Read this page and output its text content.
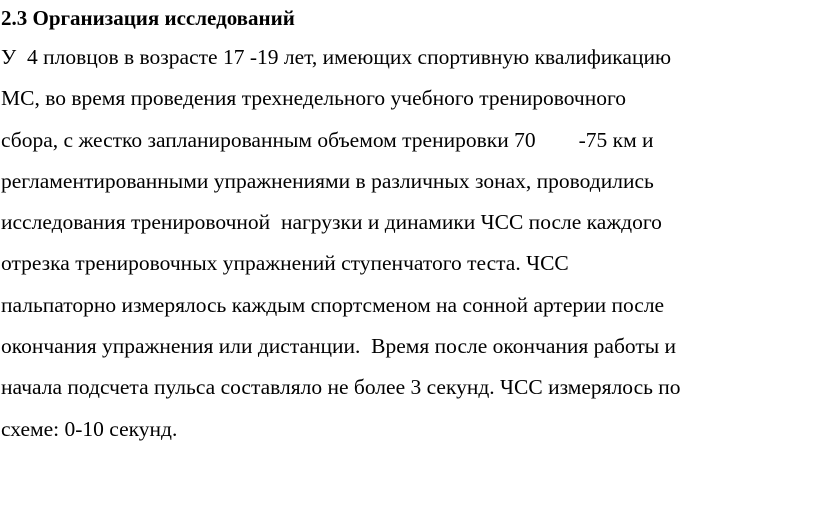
2.3 Организация исследований
У  4 пловцов в возрасте 17 -19 лет, имеющих спортивную квалификацию
МС, во время проведения трехнедельного учебного тренировочного
сбора, с жестко запланированным объемом тренировки 70        -75 км и
регламентированными упражнениями в различных зонах, проводились
исследования тренировочной  нагрузки и динамики ЧСС после каждого
отрезка тренировочных упражнений ступенчатого теста. ЧСС
пальпаторно измерялось каждым спортсменом на сонной артерии после
окончания упражнения или дистанции.  Время после окончания работы и
начала подсчета пульса составляло не более 3 секунд. ЧСС измерялось по
схеме: 0-10 секунд.
